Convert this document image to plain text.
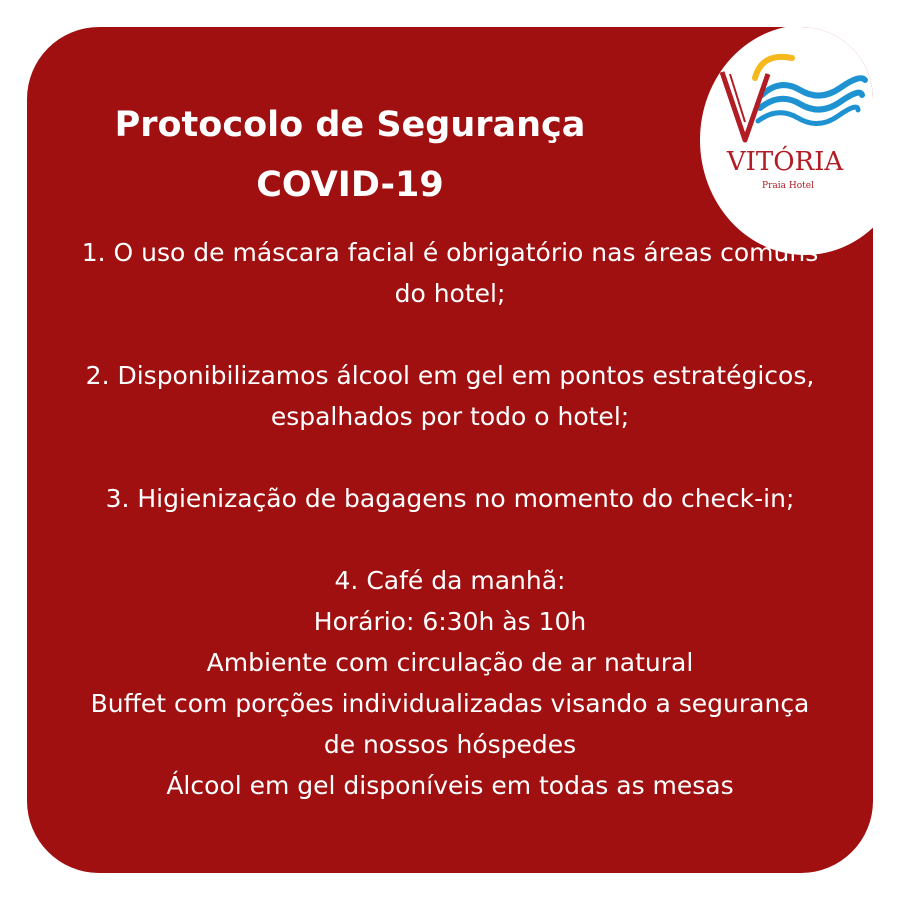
VITÓRIA
Praia Hotel
Protocolo de Segurança
COVID-19
1. O uso de máscara facial é obrigatório nas áreas comuns
do hotel;
2. Disponibilizamos álcool em gel em pontos estratégicos,
espalhados por todo o hotel;
3. Higienização de bagagens no momento do check-in;
4. Café da manhã:
Horário: 6:30h às 10h
Ambiente com circulação de ar natural
Buffet com porções individualizadas visando a segurança
de nossos hóspedes
Álcool em gel disponíveis em todas as mesas
